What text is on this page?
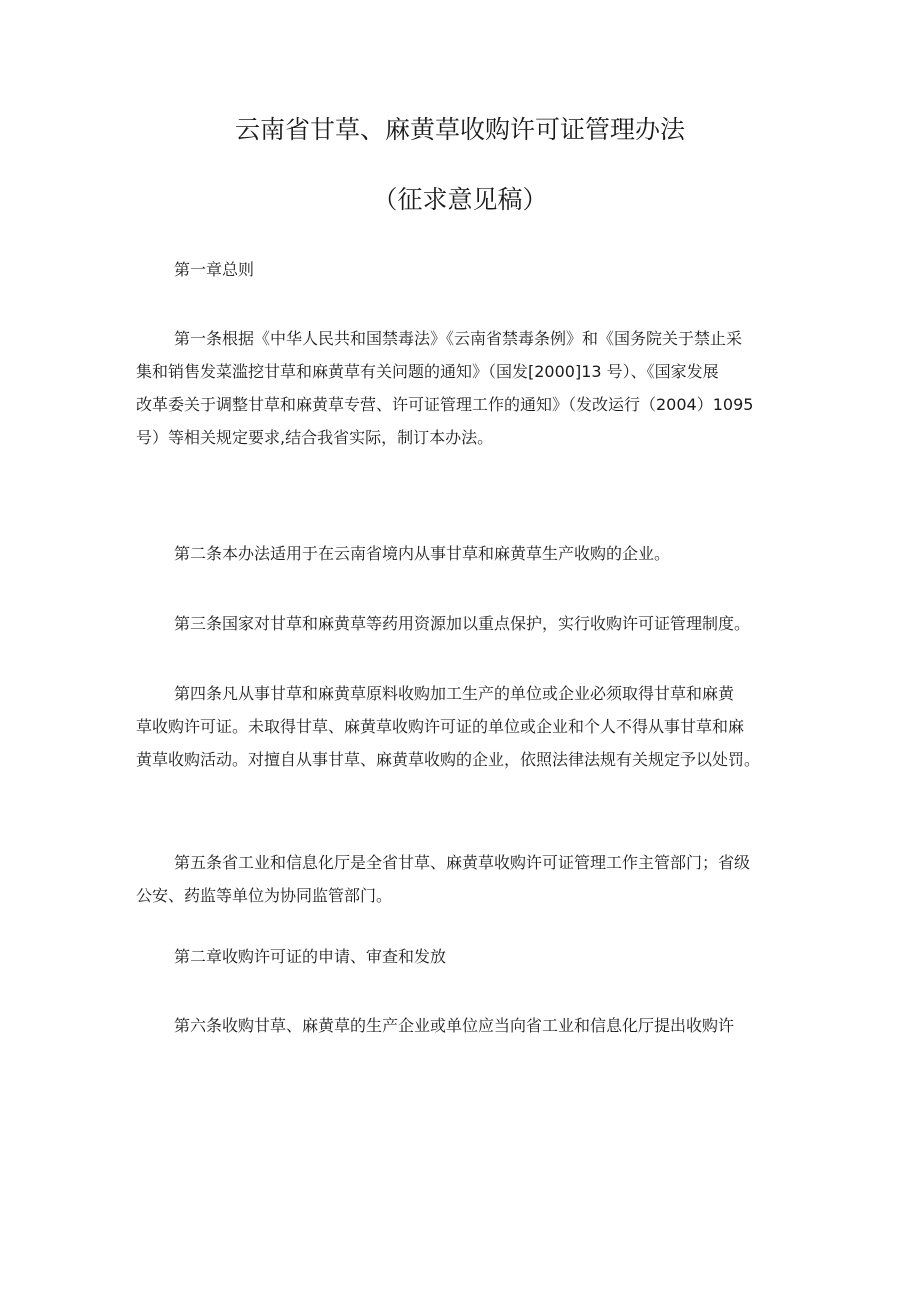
云南省甘草、麻黄草收购许可证管理办法
（征求意见稿）
第一章总则
第一条根据《中华人民共和国禁毒法》《云南省禁毒条例》和《国务院关于禁止采
集和销售发菜滥挖甘草和麻黄草有关问题的通知》（国发[2000]13 号）、《国家发展
改革委关于调整甘草和麻黄草专营、许可证管理工作的通知》（发改运行（2004）1095
号）等相关规定要求,结合我省实际，制订本办法。
第二条本办法适用于在云南省境内从事甘草和麻黄草生产收购的企业。
第三条国家对甘草和麻黄草等药用资源加以重点保护，实行收购许可证管理制度。
第四条凡从事甘草和麻黄草原料收购加工生产的单位或企业必须取得甘草和麻黄
草收购许可证。未取得甘草、麻黄草收购许可证的单位或企业和个人不得从事甘草和麻
黄草收购活动。对擅自从事甘草、麻黄草收购的企业，依照法律法规有关规定予以处罚。
第五条省工业和信息化厅是全省甘草、麻黄草收购许可证管理工作主管部门；省级
公安、药监等单位为协同监管部门。
第二章收购许可证的申请、审查和发放
第六条收购甘草、麻黄草的生产企业或单位应当向省工业和信息化厅提出收购许
